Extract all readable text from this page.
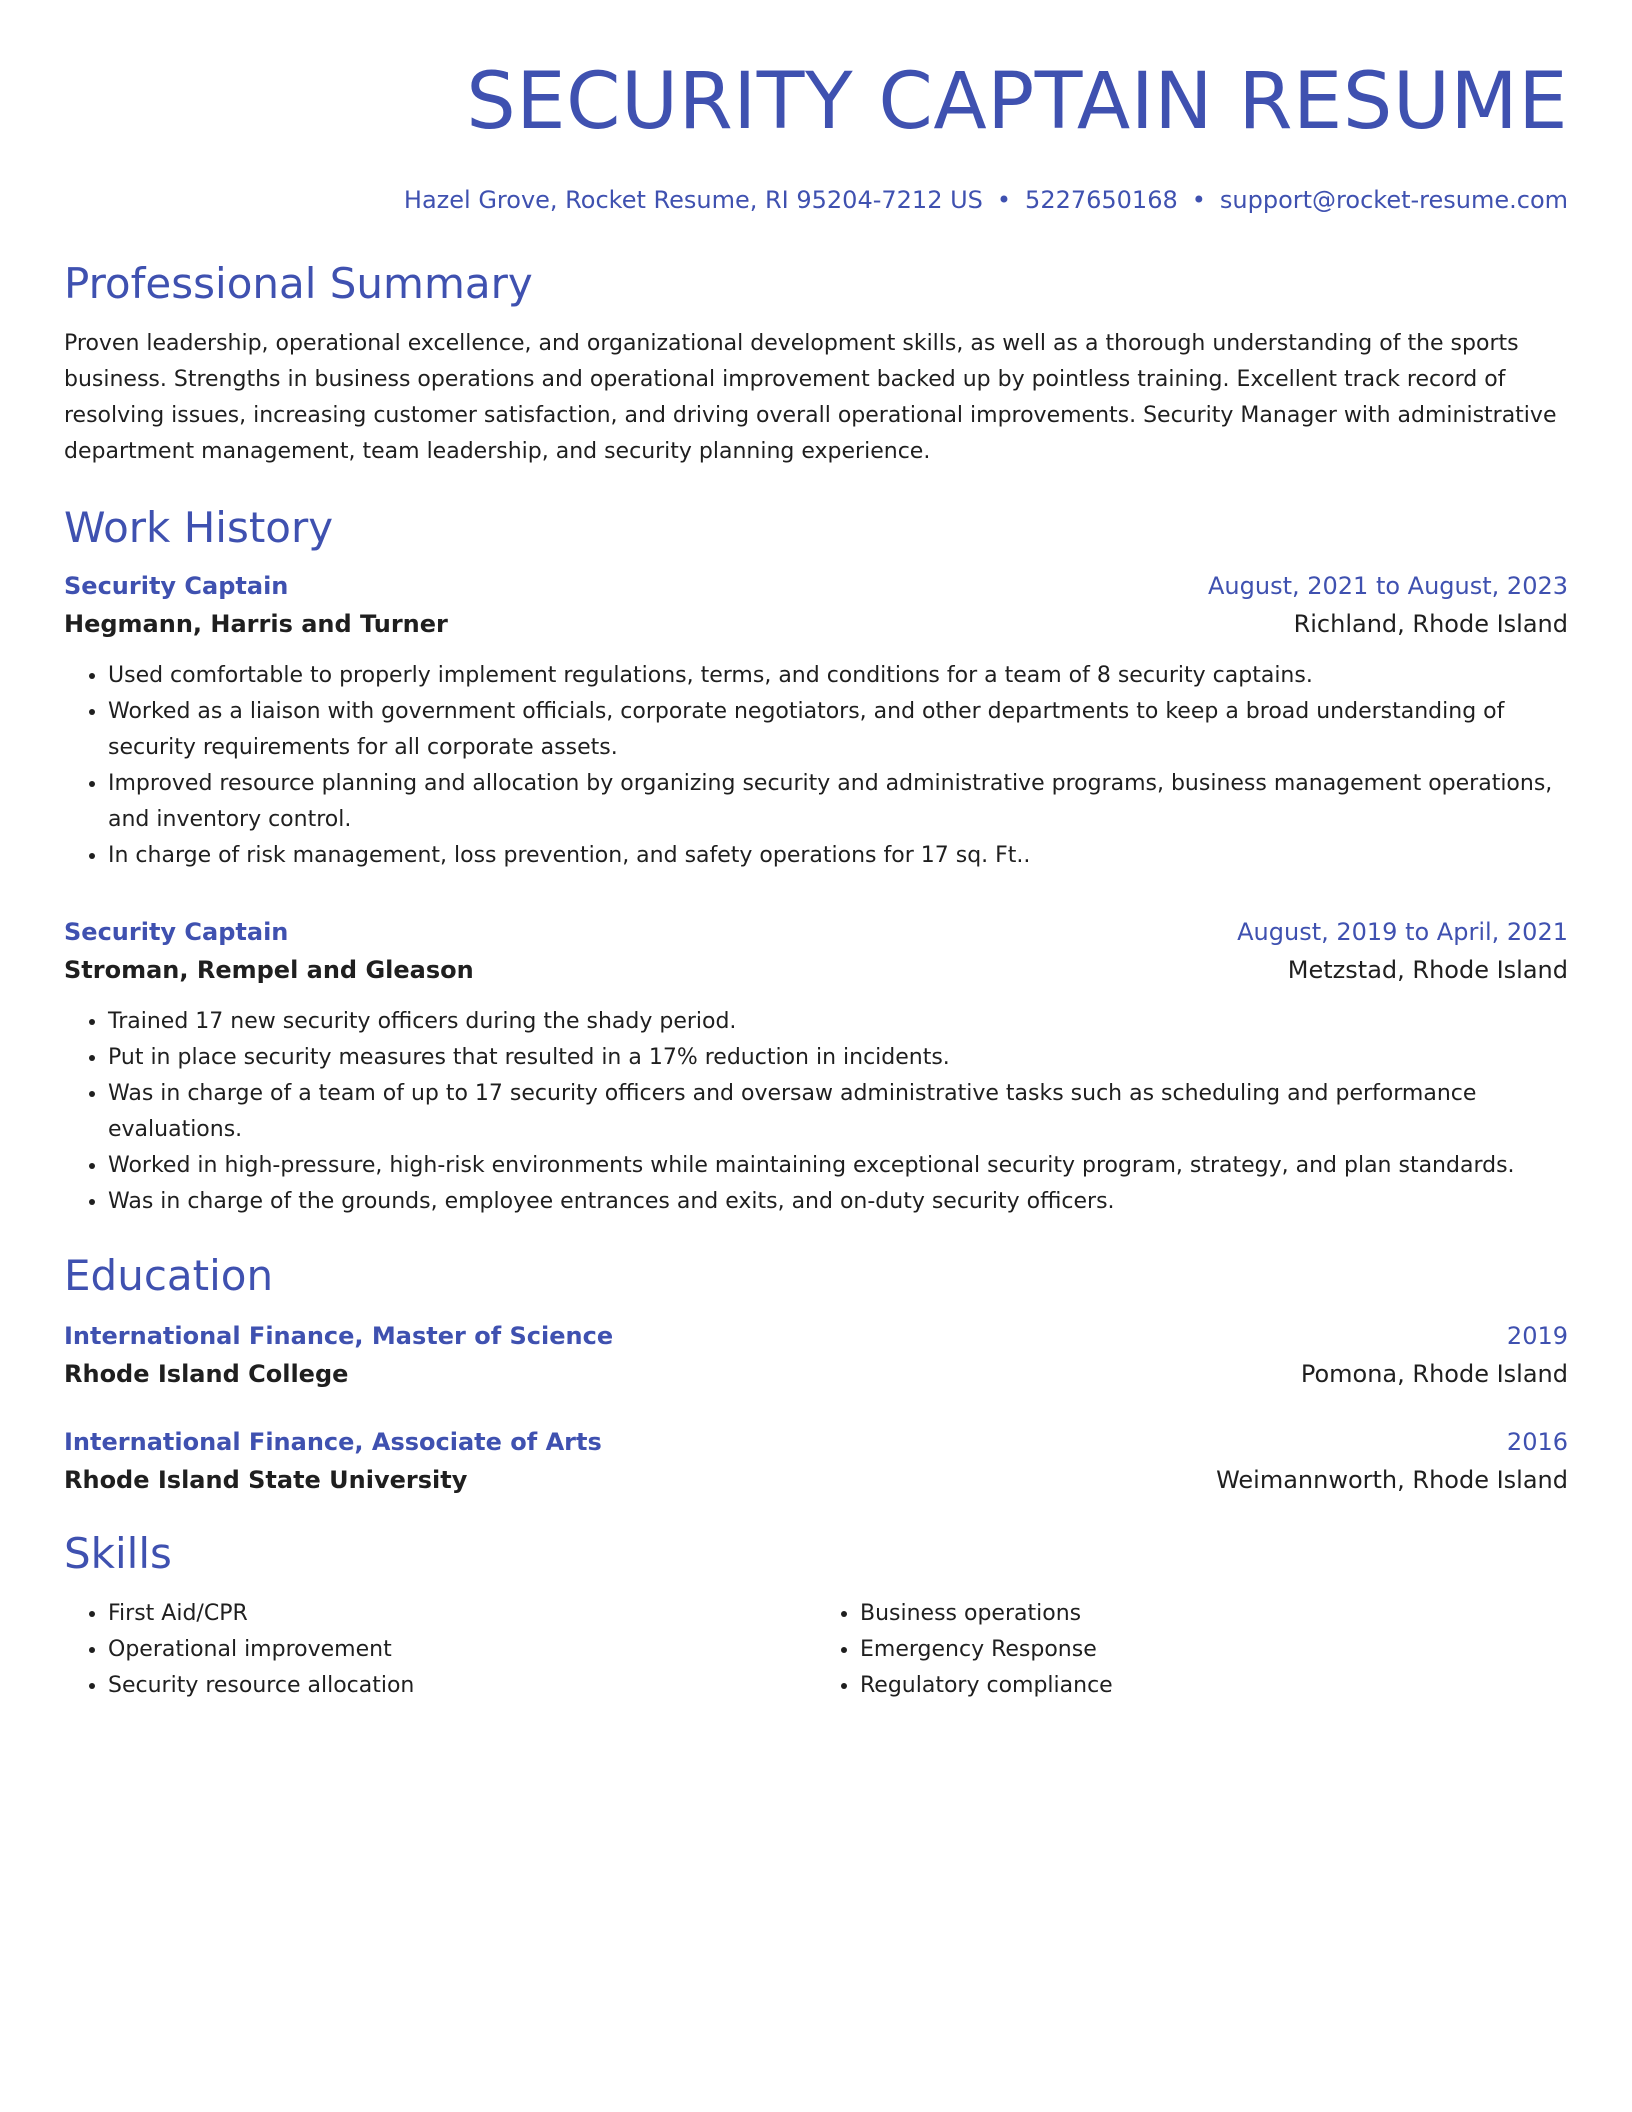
SECURITY CAPTAIN RESUME
Hazel Grove, Rocket Resume, RI 95204-7212 US • 5227650168 • support@rocket-resume.com
Professional Summary
Proven leadership, operational excellence, and organizational development skills, as well as a thorough understanding of the sports business. Strengths in business operations and operational improvement backed up by pointless training. Excellent track record of resolving issues, increasing customer satisfaction, and driving overall operational improvements. Security Manager with administrative department management, team leadership, and security planning experience.
Work History
Security Captain	August, 2021 to August, 2023
Hegmann, Harris and Turner	Richland, Rhode Island
• Used comfortable to properly implement regulations, terms, and conditions for a team of 8 security captains.
• Worked as a liaison with government officials, corporate negotiators, and other departments to keep a broad understanding of security requirements for all corporate assets.
• Improved resource planning and allocation by organizing security and administrative programs, business management operations, and inventory control.
• In charge of risk management, loss prevention, and safety operations for 17 sq. Ft..
Security Captain	August, 2019 to April, 2021
Stroman, Rempel and Gleason	Metzstad, Rhode Island
• Trained 17 new security officers during the shady period.
• Put in place security measures that resulted in a 17% reduction in incidents.
• Was in charge of a team of up to 17 security officers and oversaw administrative tasks such as scheduling and performance evaluations.
• Worked in high-pressure, high-risk environments while maintaining exceptional security program, strategy, and plan standards.
• Was in charge of the grounds, employee entrances and exits, and on-duty security officers.
Education
International Finance, Master of Science	2019
Rhode Island College	Pomona, Rhode Island
International Finance, Associate of Arts	2016
Rhode Island State University	Weimannworth, Rhode Island
Skills
• First Aid/CPR
• Operational improvement
• Security resource allocation
• Business operations
• Emergency Response
• Regulatory compliance
